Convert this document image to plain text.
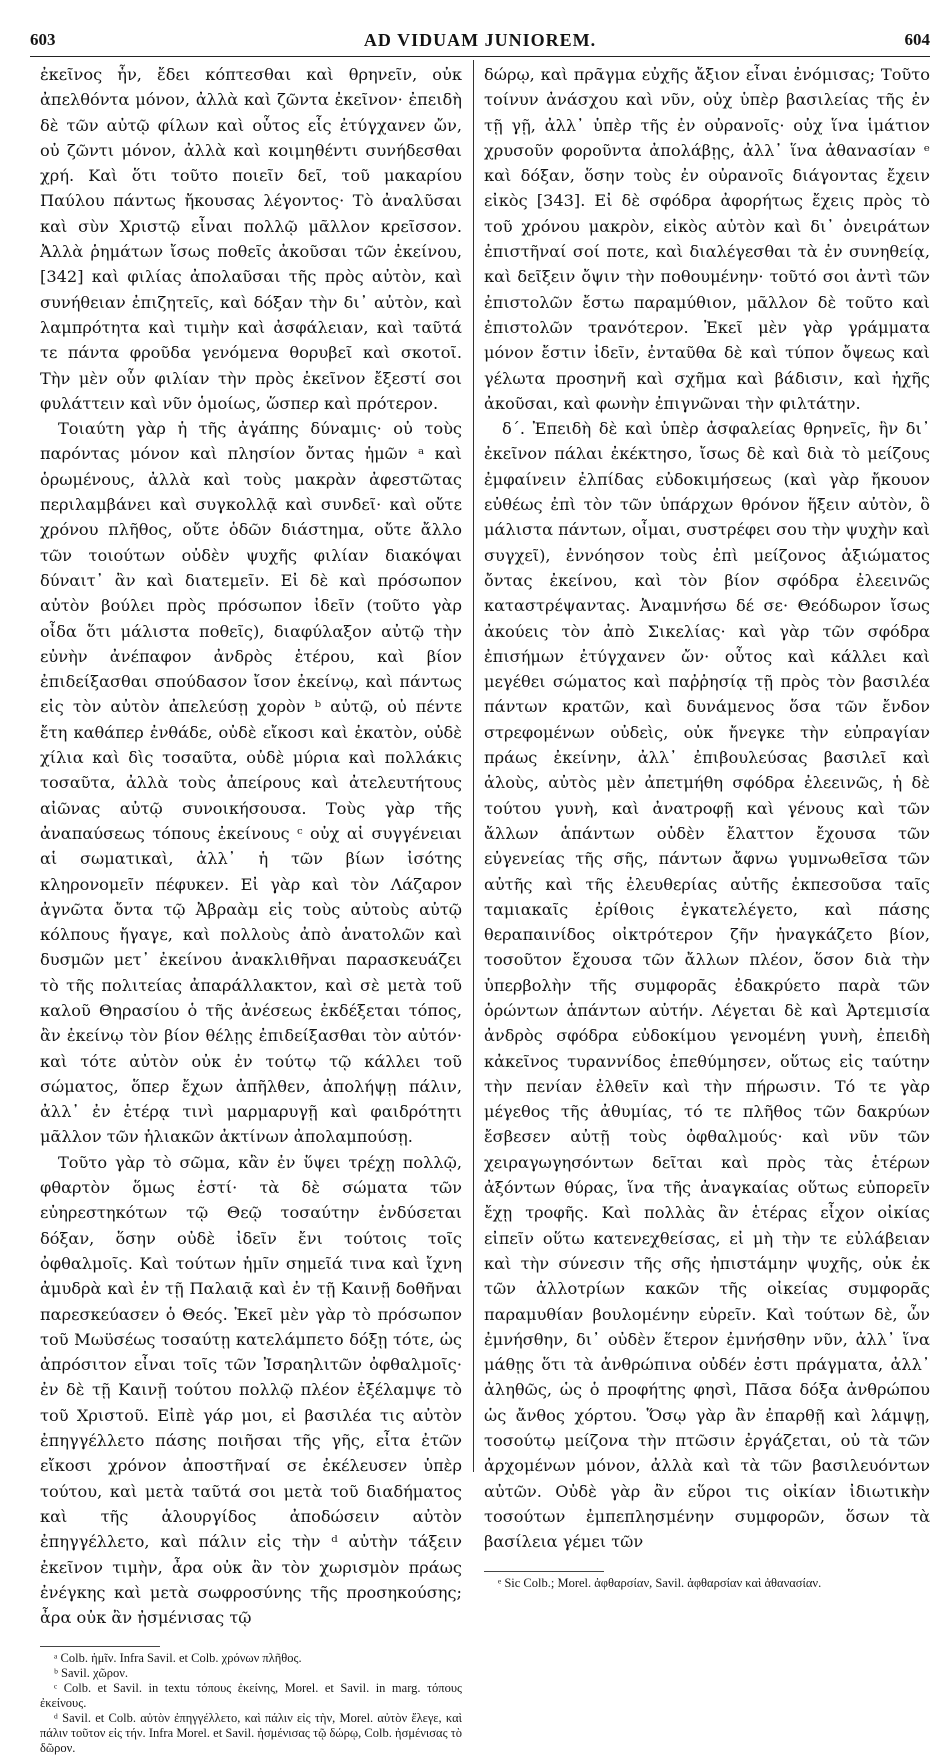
603	AD VIDUAM JUNIOREM.	604

ἐκεῖνος ἦν, ἔδει κόπτεσθαι καὶ θρηνεῖν, οὐκ ἀπελθόντα μόνον, ἀλλὰ καὶ ζῶντα ἐκεῖνον· ἐπειδὴ δὲ τῶν αὐτῷ φίλων καὶ οὗτος εἷς ἐτύγχανεν ὤν, οὐ ζῶντι μόνον, ἀλλὰ καὶ κοιμηθέντι συνήδεσθαι χρή. Καὶ ὅτι τοῦτο ποιεῖν δεῖ, τοῦ μακαρίου Παύλου πάντως ἤκουσας λέγοντος· Τὸ ἀναλῦσαι καὶ σὺν Χριστῷ εἶναι πολλῷ μᾶλλον κρεῖσσον. Ἀλλὰ ῥημάτων ἴσως ποθεῖς ἀκοῦσαι τῶν ἐκείνου, [342] καὶ φιλίας ἀπολαῦσαι τῆς πρὸς αὐτὸν, καὶ συνήθειαν ἐπιζητεῖς, καὶ δόξαν τὴν δι᾽ αὐτὸν, καὶ λαμπρότητα καὶ τιμὴν καὶ ἀσφάλειαν, καὶ ταῦτά τε πάντα φροῦδα γενόμενα θορυβεῖ καὶ σκοτοῖ. Τὴν μὲν οὖν φιλίαν τὴν πρὸς ἐκεῖνον ἔξεστί σοι φυλάττειν καὶ νῦν ὁμοίως, ὥσπερ καὶ πρότερον.

Τοιαύτη γὰρ ἡ τῆς ἀγάπης δύναμις· οὐ τοὺς παρόντας μόνον καὶ πλησίον ὄντας ἡμῶν ᵃ καὶ ὁρωμένους, ἀλλὰ καὶ τοὺς μακρὰν ἀφεστῶτας περιλαμβάνει καὶ συγκολλᾷ καὶ συνδεῖ· καὶ οὔτε χρόνου πλῆθος, οὔτε ὁδῶν διάστημα, οὔτε ἄλλο τῶν τοιούτων οὐδὲν ψυχῆς φιλίαν διακόψαι δύναιτ᾽ ἂν καὶ διατεμεῖν. Εἰ δὲ καὶ πρόσωπον αὐτὸν βούλει πρὸς πρόσωπον ἰδεῖν (τοῦτο γὰρ οἶδα ὅτι μάλιστα ποθεῖς), διαφύλαξον αὐτῷ τὴν εὐνὴν ἀνέπαφον ἀνδρὸς ἑτέρου, καὶ βίον ἐπιδείξασθαι σπούδασον ἴσον ἐκείνῳ, καὶ πάντως εἰς τὸν αὐτὸν ἀπελεύσῃ χορὸν ᵇ αὐτῷ, οὐ πέντε ἔτη καθάπερ ἐνθάδε, οὐδὲ εἴκοσι καὶ ἑκατὸν, οὐδὲ χίλια καὶ δὶς τοσαῦτα, οὐδὲ μύρια καὶ πολλάκις τοσαῦτα, ἀλλὰ τοὺς ἀπείρους καὶ ἀτελευτήτους αἰῶνας αὐτῷ συνοικήσουσα. Τοὺς γὰρ τῆς ἀναπαύσεως τόπους ἐκείνους ᶜ οὐχ αἱ συγγένειαι αἱ σωματικαὶ, ἀλλ᾽ ἡ τῶν βίων ἰσότης κληρονομεῖν πέφυκεν. Εἰ γὰρ καὶ τὸν Λάζαρον ἀγνῶτα ὄντα τῷ Ἀβραὰμ εἰς τοὺς αὐτοὺς αὐτῷ κόλπους ἤγαγε, καὶ πολλοὺς ἀπὸ ἀνατολῶν καὶ δυσμῶν μετ᾽ ἐκείνου ἀνακλιθῆναι παρασκευάζει τὸ τῆς πολιτείας ἀπαράλλακτον, καὶ σὲ μετὰ τοῦ καλοῦ Θηρασίου ὁ τῆς ἀνέσεως ἐκδέξεται τόπος, ἂν ἐκείνῳ τὸν βίον θέλῃς ἐπιδείξασθαι τὸν αὐτόν· καὶ τότε αὐτὸν οὐκ ἐν τούτῳ τῷ κάλλει τοῦ σώματος, ὅπερ ἔχων ἀπῆλθεν, ἀπολήψῃ πάλιν, ἀλλ᾽ ἐν ἑτέρᾳ τινὶ μαρμαρυγῇ καὶ φαιδρότητι μᾶλλον τῶν ἡλιακῶν ἀκτίνων ἀπολαμπούσῃ.

Τοῦτο γὰρ τὸ σῶμα, κἂν ἐν ὕψει τρέχῃ πολλῷ, φθαρτὸν ὅμως ἐστί· τὰ δὲ σώματα τῶν εὐηρεστηκότων τῷ Θεῷ τοσαύτην ἐνδύσεται δόξαν, ὅσην οὐδὲ ἰδεῖν ἔνι τούτοις τοῖς ὀφθαλμοῖς. Καὶ τούτων ἡμῖν σημεῖά τινα καὶ ἴχνη ἀμυδρὰ καὶ ἐν τῇ Παλαιᾷ καὶ ἐν τῇ Καινῇ δοθῆναι παρεσκεύασεν ὁ Θεός. Ἐκεῖ μὲν γὰρ τὸ πρόσωπον τοῦ Μωϋσέως τοσαύτῃ κατελάμπετο δόξῃ τότε, ὡς ἀπρόσιτον εἶναι τοῖς τῶν Ἰσραηλιτῶν ὀφθαλμοῖς· ἐν δὲ τῇ Καινῇ τούτου πολλῷ πλέον ἐξέλαμψε τὸ τοῦ Χριστοῦ. Εἰπὲ γάρ μοι, εἰ βασιλέα τις αὐτὸν ἐπηγγέλλετο πάσης ποιῆσαι τῆς γῆς, εἶτα ἐτῶν εἴκοσι χρόνον ἀποστῆναί σε ἐκέλευσεν ὑπὲρ τούτου, καὶ μετὰ ταῦτά σοι μετὰ τοῦ διαδήματος καὶ τῆς ἁλουργίδος ἀποδώσειν αὐτὸν ἐπηγγέλλετο, καὶ πάλιν εἰς τὴν ᵈ αὐτὴν τάξειν ἐκεῖνον τιμὴν, ἆρα οὐκ ἂν τὸν χωρισμὸν πράως ἐνέγκης καὶ μετὰ σωφροσύνης τῆς προσηκούσης; ἆρα οὐκ ἂν ἠσμένισας τῷ

ᵃ Colb. ἡμῖν. Infra Savil. et Colb. χρόνων πλῆθος.

ᵇ Savil. χῶρον.

ᶜ Colb. et Savil. in textu τόπους ἐκείνης, Morel. et Savil. in marg. τόπους ἐκείνους.

ᵈ Savil. et Colb. αὐτὸν ἐπηγγέλλετο, καὶ πάλιν εἰς τὴν, Morel. αὐτὸν ἔλεγε, καὶ πάλιν τοῦτον εἰς τήν. Infra Morel. et Savil. ἠσμένισας τῷ δώρῳ, Colb. ἠσμένισας τὸ δῶρον.

δώρῳ, καὶ πρᾶγμα εὐχῆς ἄξιον εἶναι ἐνόμισας; Τοῦτο τοίνυν ἀνάσχου καὶ νῦν, οὐχ ὑπὲρ βασιλείας τῆς ἐν τῇ γῇ, ἀλλ᾽ ὑπὲρ τῆς ἐν οὐρανοῖς· οὐχ ἵνα ἱμάτιον χρυσοῦν φοροῦντα ἀπολάβῃς, ἀλλ᾽ ἵνα ἀθανασίαν ᵉ καὶ δόξαν, ὅσην τοὺς ἐν οὐρανοῖς διάγοντας ἔχειν εἰκὸς [343]. Εἰ δὲ σφόδρα ἀφορήτως ἔχεις πρὸς τὸ τοῦ χρόνου μακρὸν, εἰκὸς αὐτὸν καὶ δι᾽ ὀνειράτων ἐπιστῆναί σοί ποτε, καὶ διαλέγεσθαι τὰ ἐν συνηθείᾳ, καὶ δεῖξειν ὄψιν τὴν ποθουμένην· τοῦτό σοι ἀντὶ τῶν ἐπιστολῶν ἔστω παραμύθιον, μᾶλλον δὲ τοῦτο καὶ ἐπιστολῶν τρανότερον. Ἐκεῖ μὲν γὰρ γράμματα μόνον ἔστιν ἰδεῖν, ἐνταῦθα δὲ καὶ τύπον ὄψεως καὶ γέλωτα προσηνῆ καὶ σχῆμα καὶ βάδισιν, καὶ ἠχῆς ἀκοῦσαι, καὶ φωνὴν ἐπιγνῶναι τὴν φιλτάτην.

δ΄. Ἐπειδὴ δὲ καὶ ὑπὲρ ἀσφαλείας θρηνεῖς, ἣν δι᾽ ἐκεῖνον πάλαι ἐκέκτησο, ἴσως δὲ καὶ διὰ τὸ μείζους ἐμφαίνειν ἐλπίδας εὐδοκιμήσεως (καὶ γὰρ ἤκουον εὐθέως ἐπὶ τὸν τῶν ὑπάρχων θρόνον ἥξειν αὐτὸν, ὃ μάλιστα πάντων, οἶμαι, συστρέφει σου τὴν ψυχὴν καὶ συγχεῖ), ἐννόησον τοὺς ἐπὶ μείζονος ἀξιώματος ὄντας ἐκείνου, καὶ τὸν βίον σφόδρα ἐλεεινῶς καταστρέψαντας. Ἀναμνήσω δέ σε· Θεόδωρον ἴσως ἀκούεις τὸν ἀπὸ Σικελίας· καὶ γὰρ τῶν σφόδρα ἐπισήμων ἐτύγχανεν ὤν· οὗτος καὶ κάλλει καὶ μεγέθει σώματος καὶ παῤῥησίᾳ τῇ πρὸς τὸν βασιλέα πάντων κρατῶν, καὶ δυνάμενος ὅσα τῶν ἔνδον στρεφομένων οὐδεὶς, οὐκ ἤνεγκε τὴν εὐπραγίαν πράως ἐκείνην, ἀλλ᾽ ἐπιβουλεύσας βασιλεῖ καὶ ἁλοὺς, αὐτὸς μὲν ἀπετμήθη σφόδρα ἐλεεινῶς, ἡ δὲ τούτου γυνὴ, καὶ ἀνατροφῇ καὶ γένους καὶ τῶν ἄλλων ἁπάντων οὐδὲν ἔλαττον ἔχουσα τῶν εὐγενείας τῆς σῆς, πάντων ἄφνω γυμνωθεῖσα τῶν αὐτῆς καὶ τῆς ἐλευθερίας αὐτῆς ἐκπεσοῦσα ταῖς ταμιακαῖς ἐρίθοις ἐγκατελέγετο, καὶ πάσης θεραπαινίδος οἰκτρότερον ζῆν ἠναγκάζετο βίον, τοσοῦτον ἔχουσα τῶν ἄλλων πλέον, ὅσον διὰ τὴν ὑπερβολὴν τῆς συμφορᾶς ἐδακρύετο παρὰ τῶν ὁρώντων ἁπάντων αὐτήν. Λέγεται δὲ καὶ Ἀρτεμισία ἀνδρὸς σφόδρα εὐδοκίμου γενομένη γυνὴ, ἐπειδὴ κἀκεῖνος τυραννίδος ἐπεθύμησεν, οὕτως εἰς ταύτην τὴν πενίαν ἐλθεῖν καὶ τὴν πήρωσιν. Τό τε γὰρ μέγεθος τῆς ἀθυμίας, τό τε πλῆθος τῶν δακρύων ἔσβεσεν αὐτῇ τοὺς ὀφθαλμούς· καὶ νῦν τῶν χειραγωγησόντων δεῖται καὶ πρὸς τὰς ἑτέρων ἀξόντων θύρας, ἵνα τῆς ἀναγκαίας οὕτως εὐπορεῖν ἔχῃ τροφῆς. Καὶ πολλὰς ἂν ἑτέρας εἶχον οἰκίας εἰπεῖν οὕτω κατενεχθείσας, εἰ μὴ τὴν τε εὐλάβειαν καὶ τὴν σύνεσιν τῆς σῆς ἠπιστάμην ψυχῆς, οὐκ ἐκ τῶν ἀλλοτρίων κακῶν τῆς οἰκείας συμφορᾶς παραμυθίαν βουλομένην εὑρεῖν. Καὶ τούτων δὲ, ὧν ἐμνήσθην, δι᾽ οὐδὲν ἕτερον ἐμνήσθην νῦν, ἀλλ᾽ ἵνα μάθῃς ὅτι τὰ ἀνθρώπινα οὐδέν ἐστι πράγματα, ἀλλ᾽ ἀληθῶς, ὡς ὁ προφήτης φησὶ, Πᾶσα δόξα ἀνθρώπου ὡς ἄνθος χόρτου. Ὅσῳ γὰρ ἂν ἐπαρθῇ καὶ λάμψῃ, τοσούτῳ μείζονα τὴν πτῶσιν ἐργάζεται, οὐ τὰ τῶν ἀρχομένων μόνον, ἀλλὰ καὶ τὰ τῶν βασιλευόντων αὐτῶν. Οὐδὲ γὰρ ἂν εὕροι τις οἰκίαν ἰδιωτικὴν τοσούτων ἐμπεπλησμένην συμφορῶν, ὅσων τὰ βασίλεια γέμει τῶν

ᵉ Sic Colb.; Morel. ἀφθαρσίαν, Savil. ἀφθαρσίαν καὶ ἀθανασίαν.
